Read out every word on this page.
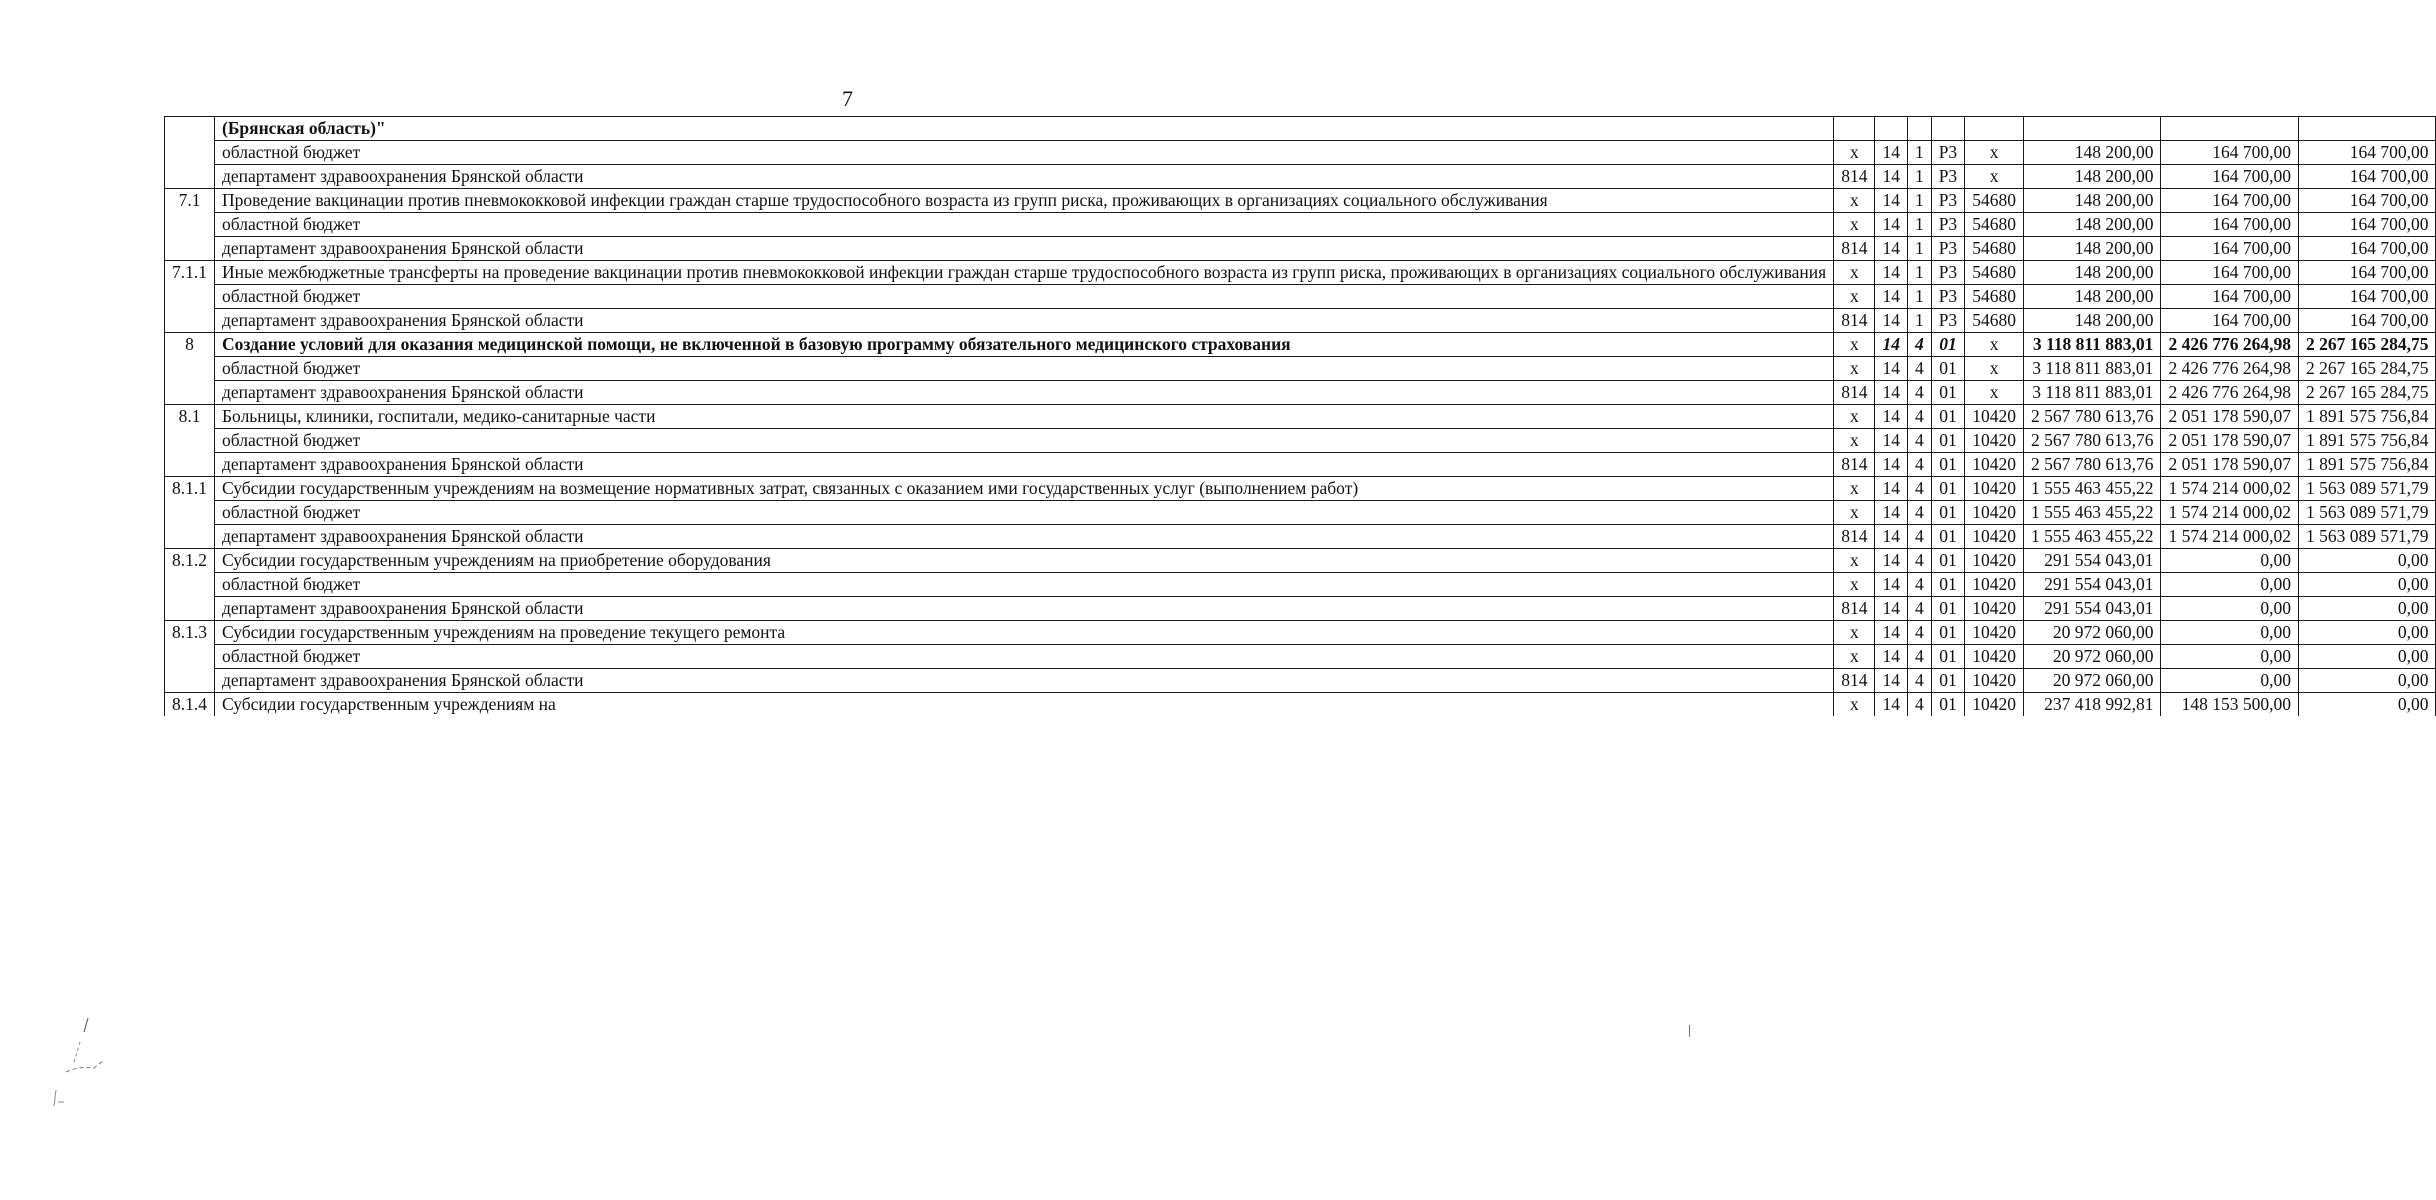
7
	(Брянская область)"								
	областной бюджет	x	14	1	Р3	x	148 200,00	164 700,00	164 700,00
	департамент здравоохранения Брянской области	814	14	1	Р3	x	148 200,00	164 700,00	164 700,00
7.1	Проведение вакцинации против пневмококковой инфекции граждан старше трудоспособного возраста из групп риска, проживающих в организациях социального обслуживания	x	14	1	Р3	54680	148 200,00	164 700,00	164 700,00
	областной бюджет	x	14	1	Р3	54680	148 200,00	164 700,00	164 700,00
	департамент здравоохранения Брянской области	814	14	1	Р3	54680	148 200,00	164 700,00	164 700,00
7.1.1	Иные межбюджетные трансферты на проведение вакцинации против пневмококковой инфекции граждан старше трудоспособного возраста из групп риска, проживающих в организациях социального обслуживания	x	14	1	Р3	54680	148 200,00	164 700,00	164 700,00
	областной бюджет	x	14	1	Р3	54680	148 200,00	164 700,00	164 700,00
	департамент здравоохранения Брянской области	814	14	1	Р3	54680	148 200,00	164 700,00	164 700,00
8	Создание условий для оказания медицинской помощи, не включенной в базовую программу обязательного медицинского страхования	x	14	4	01	x	3 118 811 883,01	2 426 776 264,98	2 267 165 284,75
	областной бюджет	x	14	4	01	x	3 118 811 883,01	2 426 776 264,98	2 267 165 284,75
	департамент здравоохранения Брянской области	814	14	4	01	x	3 118 811 883,01	2 426 776 264,98	2 267 165 284,75
8.1	Больницы, клиники, госпитали, медико-санитарные части	x	14	4	01	10420	2 567 780 613,76	2 051 178 590,07	1 891 575 756,84
	областной бюджет	x	14	4	01	10420	2 567 780 613,76	2 051 178 590,07	1 891 575 756,84
	департамент здравоохранения Брянской области	814	14	4	01	10420	2 567 780 613,76	2 051 178 590,07	1 891 575 756,84
8.1.1	Субсидии государственным учреждениям на возмещение нормативных затрат, связанных с оказанием ими государственных услуг (выполнением работ)	x	14	4	01	10420	1 555 463 455,22	1 574 214 000,02	1 563 089 571,79
	областной бюджет	x	14	4	01	10420	1 555 463 455,22	1 574 214 000,02	1 563 089 571,79
	департамент здравоохранения Брянской области	814	14	4	01	10420	1 555 463 455,22	1 574 214 000,02	1 563 089 571,79
8.1.2	Субсидии государственным учреждениям на приобретение оборудования	x	14	4	01	10420	291 554 043,01	0,00	0,00
	областной бюджет	x	14	4	01	10420	291 554 043,01	0,00	0,00
	департамент здравоохранения Брянской области	814	14	4	01	10420	291 554 043,01	0,00	0,00
8.1.3	Субсидии государственным учреждениям на проведение текущего ремонта	x	14	4	01	10420	20 972 060,00	0,00	0,00
	областной бюджет	x	14	4	01	10420	20 972 060,00	0,00	0,00
	департамент здравоохранения Брянской области	814	14	4	01	10420	20 972 060,00	0,00	0,00
8.1.4	Субсидии государственным учреждениям на	x	14	4	01	10420	237 418 992,81	148 153 500,00	0,00
